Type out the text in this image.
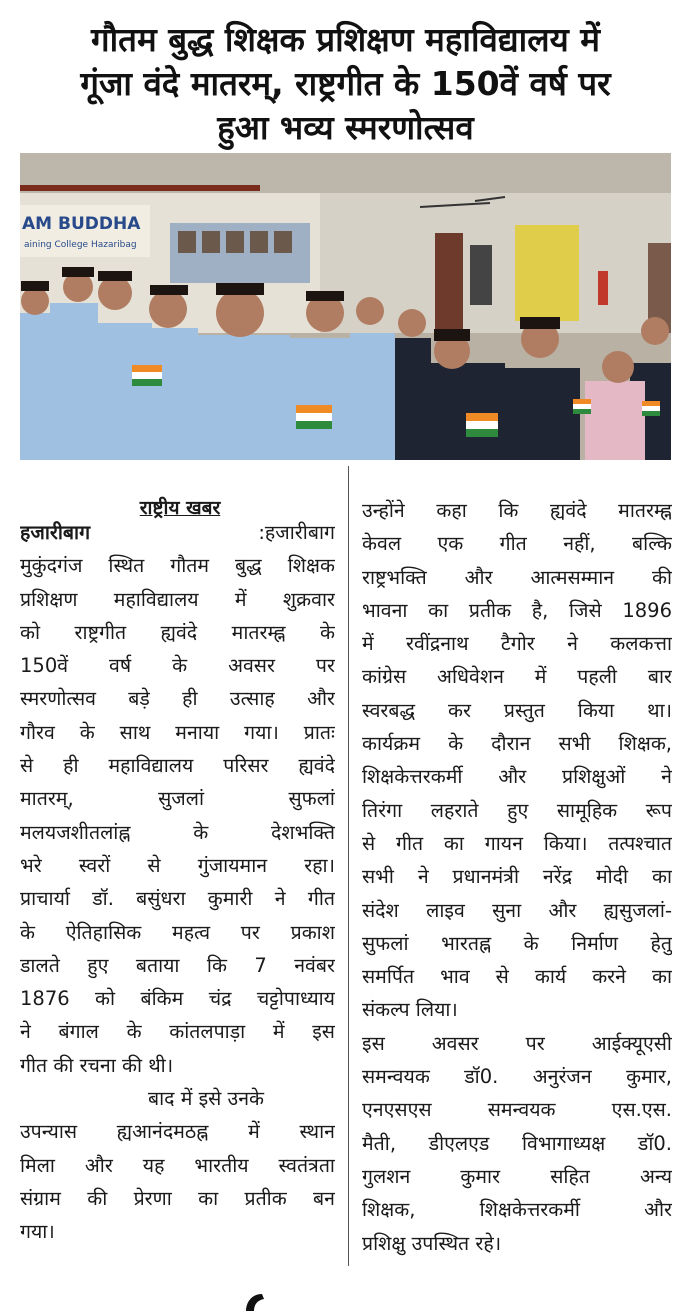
गौतम बुद्ध शिक्षक प्रशिक्षण महाविद्यालय में
गूंजा वंदे मातरम्, राष्ट्रगीत के 150वें वर्ष पर
हुआ भव्य स्मरणोत्सव
AM BUDDHA
aining College Hazaribag
राष्ट्रीय खबर
हजारीबाग	:हजारीबाग
मुकुंदगंज स्थित गौतम बुद्ध शिक्षक
प्रशिक्षण महाविद्यालय में शुक्रवार
को राष्ट्रगीत ह्यवंदे मातरम्ह्न के
150वें वर्ष के अवसर पर
स्मरणोत्सव बड़े ही उत्साह और
गौरव के साथ मनाया गया। प्रातः
से ही महाविद्यालय परिसर ह्यवंदे
मातरम्, सुजलां सुफलां
मलयजशीतलांह्न के देशभक्ति
भरे स्वरों से गुंजायमान रहा।
प्राचार्या डॉ. बसुंधरा कुमारी ने गीत
के ऐतिहासिक महत्व पर प्रकाश
डालते हुए बताया कि 7 नवंबर
1876 को बंकिम चंद्र चट्टोपाध्याय
ने बंगाल के कांतलपाड़ा में इस
गीत की रचना की थी।
बाद में इसे उनके
उपन्यास ह्यआनंदमठह्न में स्थान
मिला और यह भारतीय स्वतंत्रता
संग्राम की प्रेरणा का प्रतीक बन
गया।
उन्होंने कहा कि ह्यवंदे मातरम्ह्न
केवल एक गीत नहीं, बल्कि
राष्ट्रभक्ति और आत्मसम्मान की
भावना का प्रतीक है, जिसे 1896
में रवींद्रनाथ टैगोर ने कलकत्ता
कांग्रेस अधिवेशन में पहली बार
स्वरबद्ध कर प्रस्तुत किया था।
कार्यक्रम के दौरान सभी शिक्षक,
शिक्षकेत्तरकर्मी और प्रशिक्षुओं ने
तिरंगा लहराते हुए सामूहिक रूप
से गीत का गायन किया। तत्पश्चात
सभी ने प्रधानमंत्री नरेंद्र मोदी का
संदेश लाइव सुना और ह्यसुजलां-
सुफलां भारतह्न के निर्माण हेतु
समर्पित भाव से कार्य करने का
संकल्प लिया।
इस अवसर पर आईक्यूएसी
समन्वयक डॉ0. अनुरंजन कुमार,
एनएसएस समन्वयक एस.एस.
मैती, डीएलएड विभागाध्यक्ष डॉ0.
गुलशन कुमार सहित अन्य
शिक्षक, शिक्षकेत्तरकर्मी और
प्रशिक्षु उपस्थित रहे।
